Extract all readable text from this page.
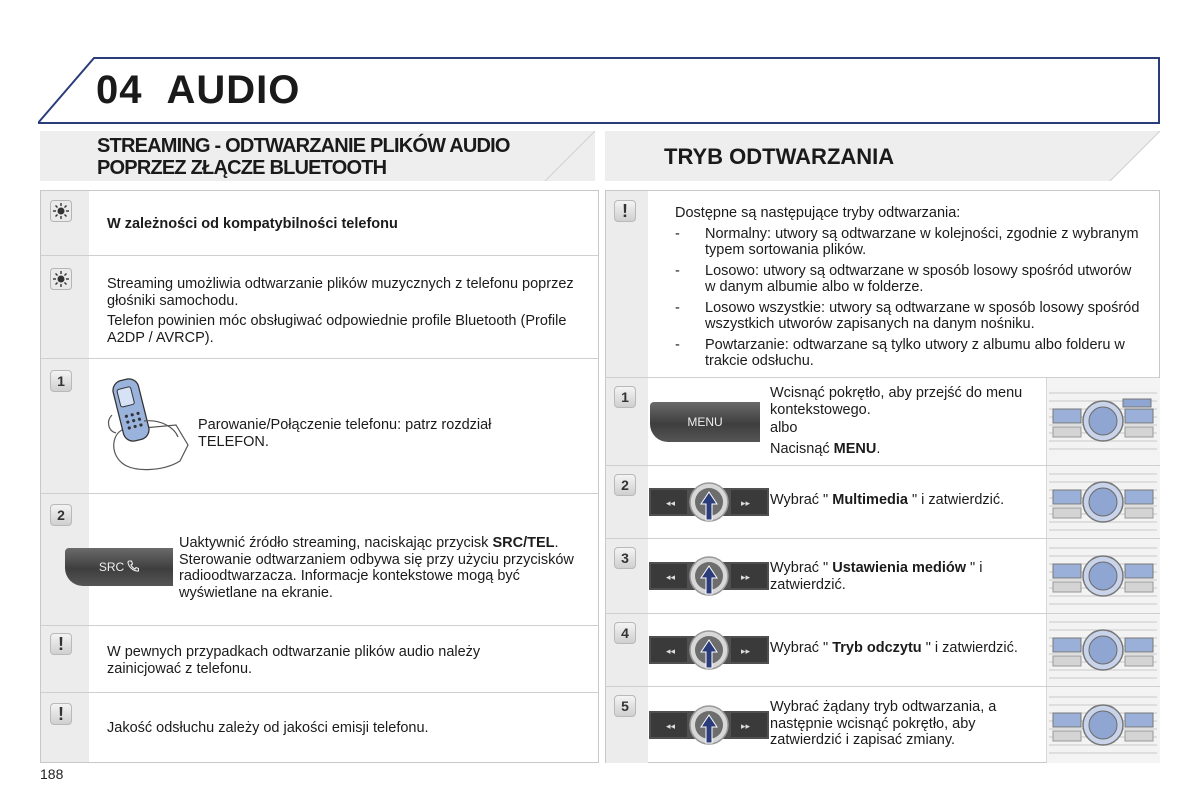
04 AUDIO
STREAMING - ODTWARZANIE PLIKÓW AUDIO
POPRZEZ ZŁĄCZE BLUETOOTH
W zależności od kompatybilności telefonu
Streaming umożliwia odtwarzanie plików muzycznych z telefonu poprzez głośniki samochodu.
Telefon powinien móc obsługiwać odpowiednie profile Bluetooth (Profile A2DP / AVRCP).
1
Parowanie/Połączenie telefonu: patrz rozdział TELEFON.
2
SRC
Uaktywnić źródło streaming, naciskając przycisk SRC/TEL. Sterowanie odtwarzaniem odbywa się przy użyciu przycisków radioodtwarzacza. Informacje kontekstowe mogą być wyświetlane na ekranie.
!	W pewnych przypadkach odtwarzanie plików audio należy zainicjować z telefonu.
!
Jakość odsłuchu zależy od jakości emisji telefonu.
TRYB ODTWARZANIA
!	Dostępne są następujące tryby odtwarzania:
- Normalny: utwory są odtwarzane w kolejności, zgodnie z wybranym typem sortowania plików.
- Losowo: utwory są odtwarzane w sposób losowy spośród utworów w danym albumie albo w folderze.
- Losowo wszystkie: utwory są odtwarzane w sposób losowy spośród wszystkich utworów zapisanych na danym nośniku.
- Powtarzanie: odtwarzane są tylko utwory z albumu albo folderu w trakcie odsłuchu.
1
MENU
Wcisnąć pokrętło, aby przejść do menu kontekstowego.
albo
Nacisnąć MENU.
2
◂◂	▸▸ Wybrać " Multimedia " i zatwierdzić.
3
◂◂	▸▸
Wybrać " Ustawienia mediów " i zatwierdzić.
4
◂◂	▸▸ Wybrać " Tryb odczytu " i zatwierdzić.
5
◂◂	▸▸
Wybrać żądany tryb odtwarzania, a następnie wcisnąć pokrętło, aby zatwierdzić i zapisać zmiany.
188
